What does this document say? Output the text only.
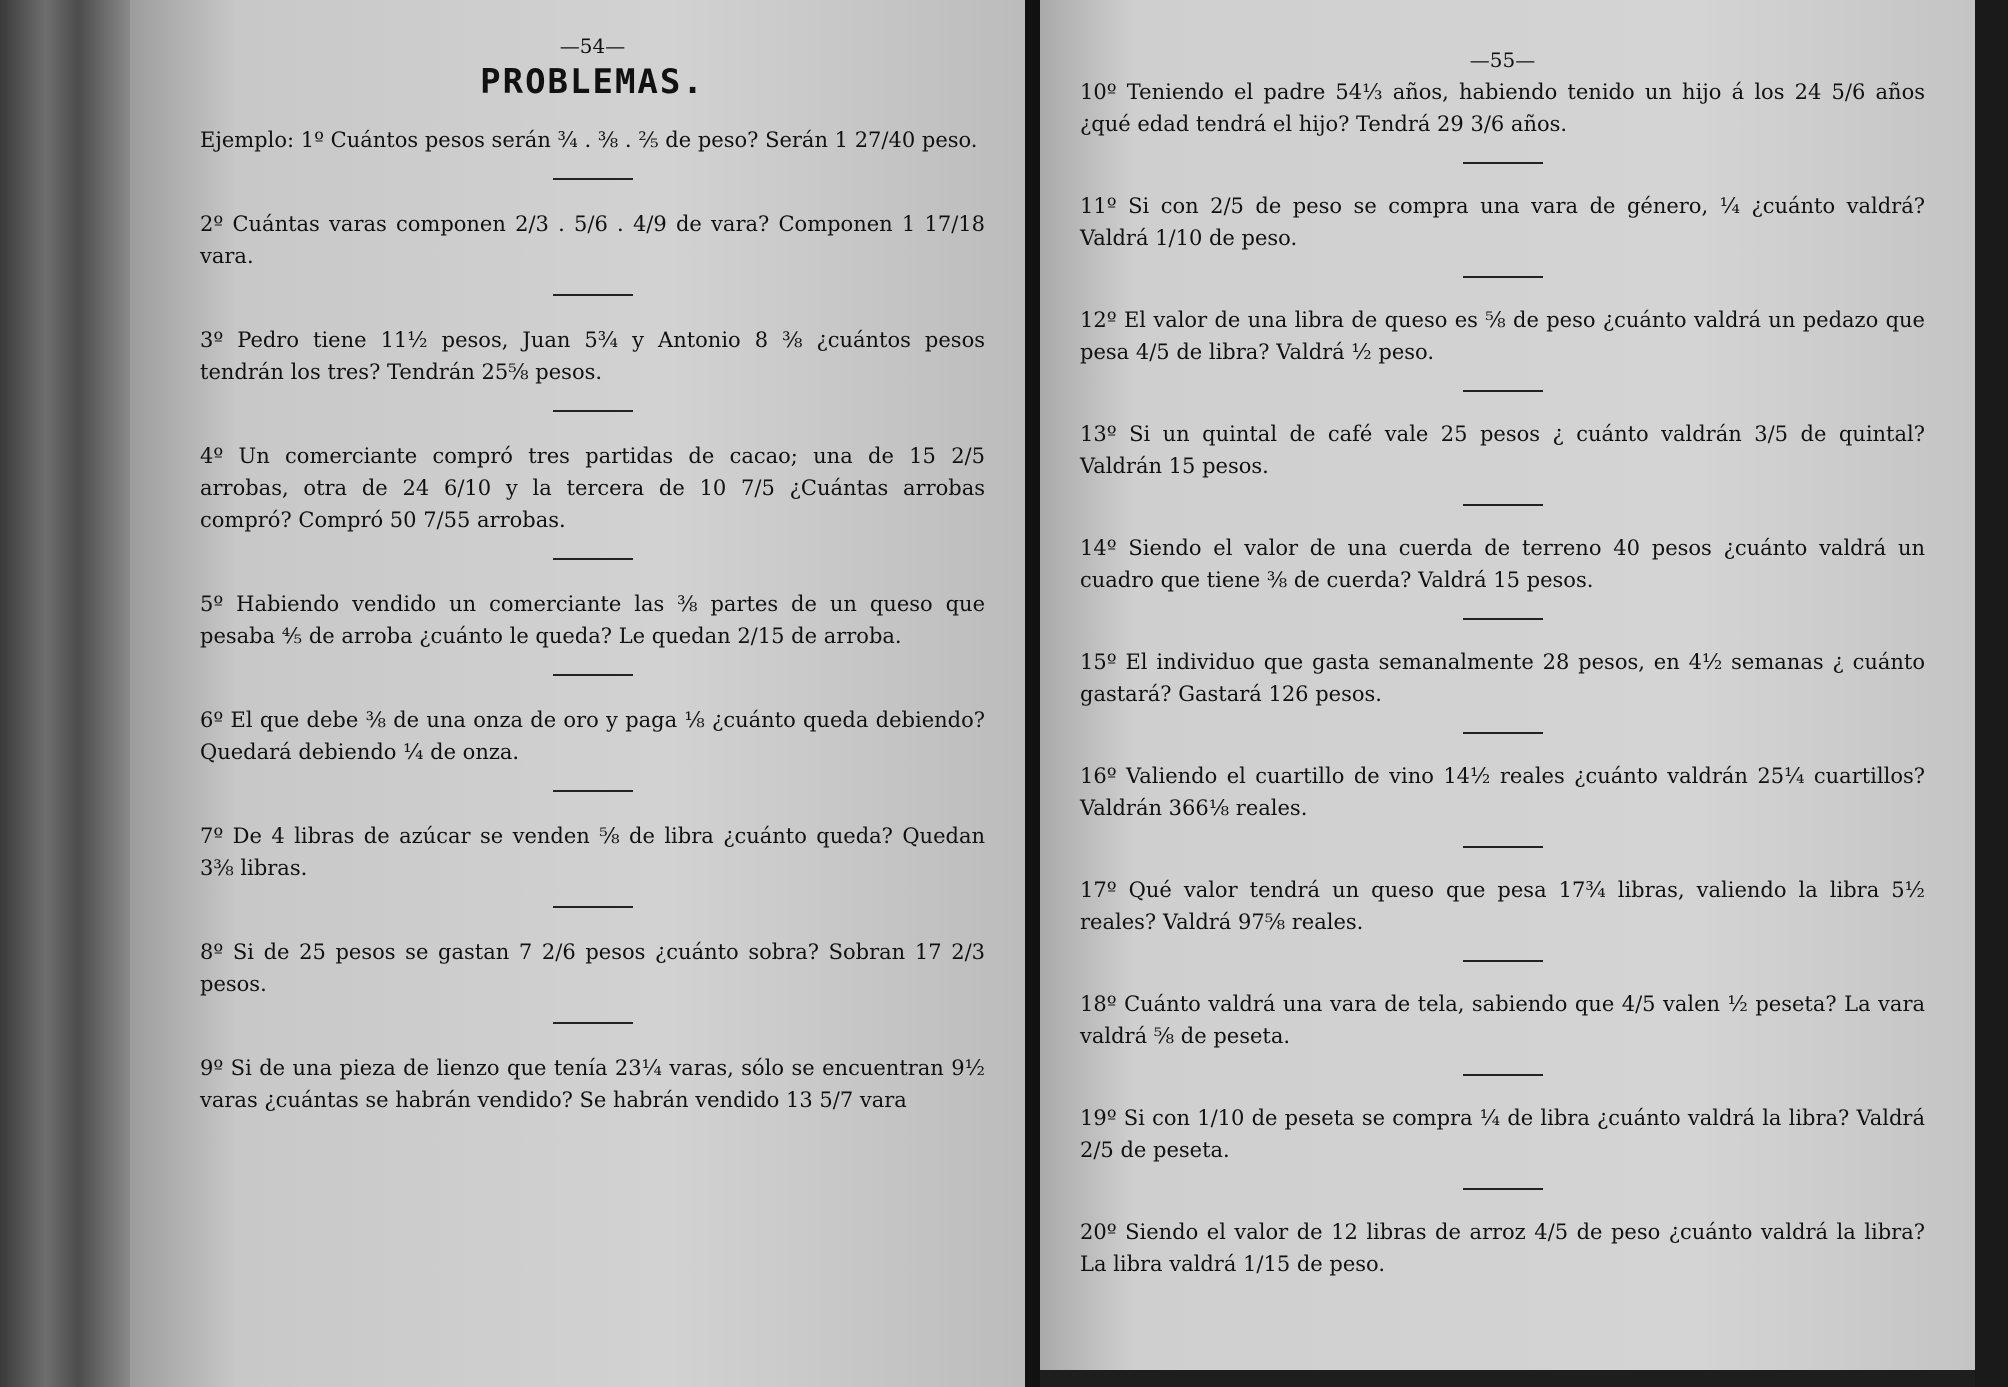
—54—
PROBLEMAS.

Ejemplo: 1º Cuántos pesos serán ¾ . ⅜ . ⅖ de peso? Serán 1 27/40 peso.

2º Cuántas varas componen 2/3 . 5/6 . 4/9 de vara? Componen 1 17/18 vara.

3º Pedro tiene 11½ pesos, Juan 5¾ y Antonio 8 ⅜ ¿cuántos pesos tendrán los tres? Tendrán 25⅝ pesos.

4º Un comerciante compró tres partidas de cacao; una de 15 2/5 arrobas, otra de 24 6/10 y la tercera de 10 7/5 ¿Cuántas arrobas compró? Compró 50 7/55 arrobas.

5º Habiendo vendido un comerciante las ⅜ partes de un queso que pesaba ⅘ de arroba ¿cuánto le queda? Le quedan 2/15 de arroba.

6º El que debe ⅜ de una onza de oro y paga ⅛ ¿cuánto queda debiendo? Quedará debiendo ¼ de onza.

7º De 4 libras de azúcar se venden ⅝ de libra ¿cuánto queda? Quedan 3⅜ libras.

8º Si de 25 pesos se gastan 7 2/6 pesos ¿cuánto sobra? Sobran 17 2/3 pesos.

9º Si de una pieza de lienzo que tenía 23¼ varas, sólo se encuentran 9½ varas ¿cuántas se habrán vendido? Se habrán vendido 13 5/7 vara

—55—

10º Teniendo el padre 54⅓ años, habiendo tenido un hijo á los 24 5/6 años ¿qué edad tendrá el hijo? Tendrá 29 3/6 años.

11º Si con 2/5 de peso se compra una vara de género, ¼ ¿cuánto valdrá? Valdrá 1/10 de peso.

12º El valor de una libra de queso es ⅝ de peso ¿cuánto valdrá un pedazo que pesa 4/5 de libra? Valdrá ½ peso.

13º Si un quintal de café vale 25 pesos ¿ cuánto valdrán 3/5 de quintal? Valdrán 15 pesos.

14º Siendo el valor de una cuerda de terreno 40 pesos ¿cuánto valdrá un cuadro que tiene ⅜ de cuerda? Valdrá 15 pesos.

15º El individuo que gasta semanalmente 28 pesos, en 4½ semanas ¿ cuánto gastará? Gastará 126 pesos.

16º Valiendo el cuartillo de vino 14½ reales ¿cuánto valdrán 25¼ cuartillos? Valdrán 366⅛ reales.

17º Qué valor tendrá un queso que pesa 17¾ libras, valiendo la libra 5½ reales? Valdrá 97⅝ reales.

18º Cuánto valdrá una vara de tela, sabiendo que 4/5 valen ½ peseta? La vara valdrá ⅝ de peseta.

19º Si con 1/10 de peseta se compra ¼ de libra ¿cuánto valdrá la libra? Valdrá 2/5 de peseta.

20º Siendo el valor de 12 libras de arroz 4/5 de peso ¿cuánto valdrá la libra? La libra valdrá 1/15 de peso.
